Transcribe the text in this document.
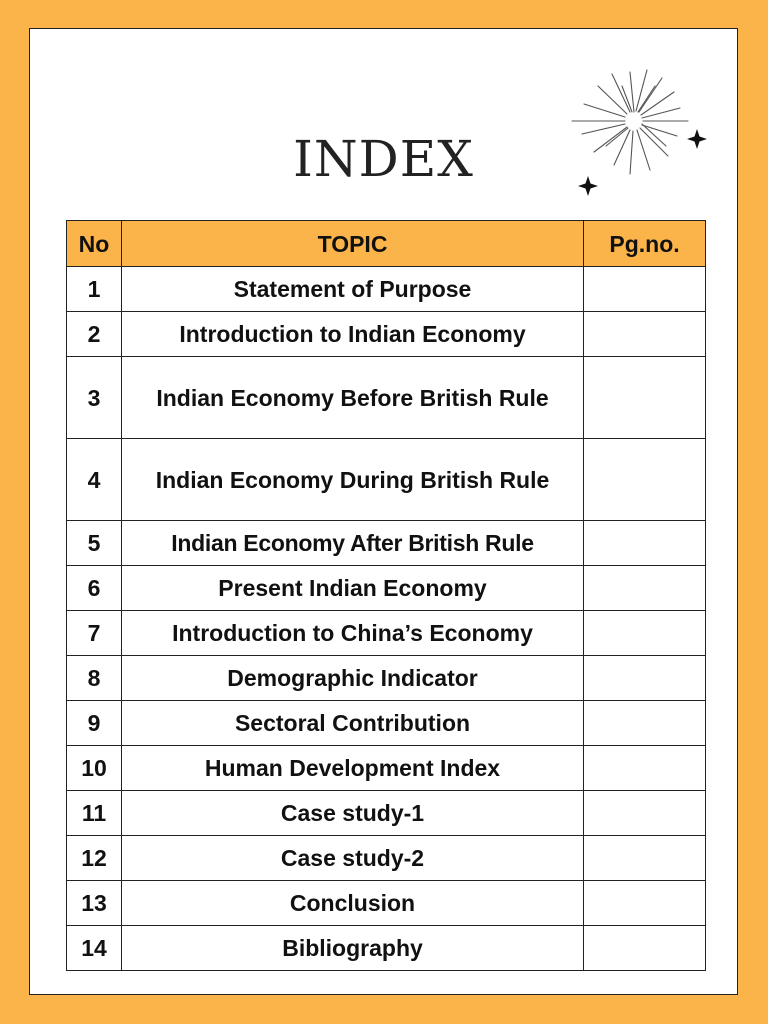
INDEX
No	TOPIC	Pg.no.
1	Statement of Purpose	
2	Introduction to Indian Economy	
3	Indian Economy Before British Rule	
4	Indian Economy During British Rule	
5	Indian Economy After British Rule	
6	Present Indian Economy	
7	Introduction to China’s Economy	
8	Demographic Indicator	
9	Sectoral Contribution	
10	Human Development Index	
11	Case study-1	
12	Case study-2	
13	Conclusion	
14	Bibliography	
